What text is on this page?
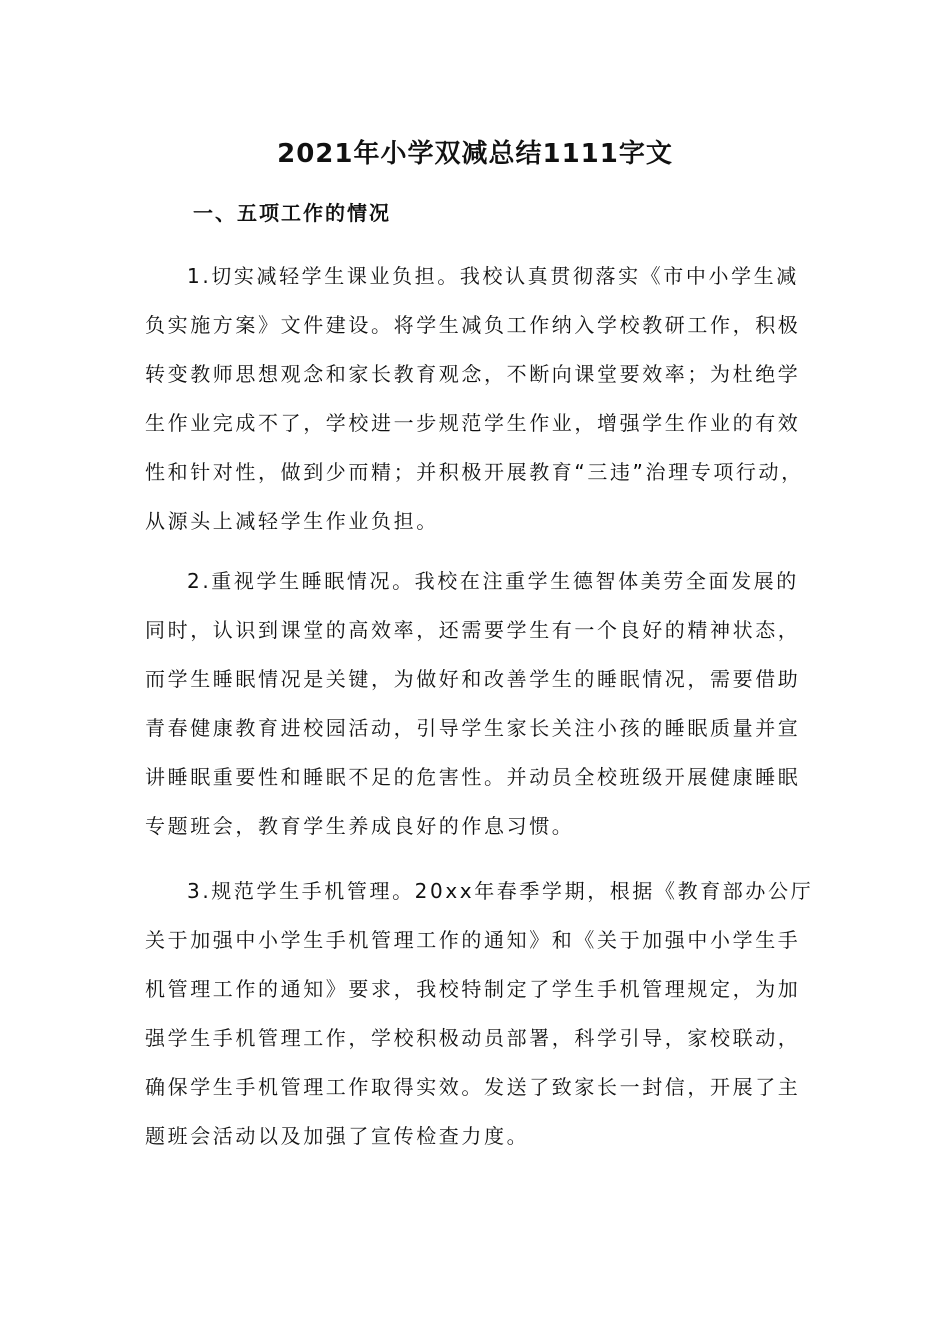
2021年小学双减总结1111字文
一、五项工作的情况

1.切实减轻学生课业负担。我校认真贯彻落实《市中小学生减
负实施方案》文件建设。将学生减负工作纳入学校教研工作，积极
转变教师思想观念和家长教育观念，不断向课堂要效率；为杜绝学
生作业完成不了，学校进一步规范学生作业，增强学生作业的有效
性和针对性，做到少而精；并积极开展教育“三违”治理专项行动，
从源头上减轻学生作业负担。

2.重视学生睡眠情况。我校在注重学生德智体美劳全面发展的
同时，认识到课堂的高效率，还需要学生有一个良好的精神状态，
而学生睡眠情况是关键，为做好和改善学生的睡眠情况，需要借助
青春健康教育进校园活动，引导学生家长关注小孩的睡眠质量并宣
讲睡眠重要性和睡眠不足的危害性。并动员全校班级开展健康睡眠
专题班会，教育学生养成良好的作息习惯。

3.规范学生手机管理。20xx年春季学期，根据《教育部办公厅
关于加强中小学生手机管理工作的通知》和《关于加强中小学生手
机管理工作的通知》要求，我校特制定了学生手机管理规定，为加
强学生手机管理工作，学校积极动员部署，科学引导，家校联动，
确保学生手机管理工作取得实效。发送了致家长一封信，开展了主
题班会活动以及加强了宣传检查力度。
